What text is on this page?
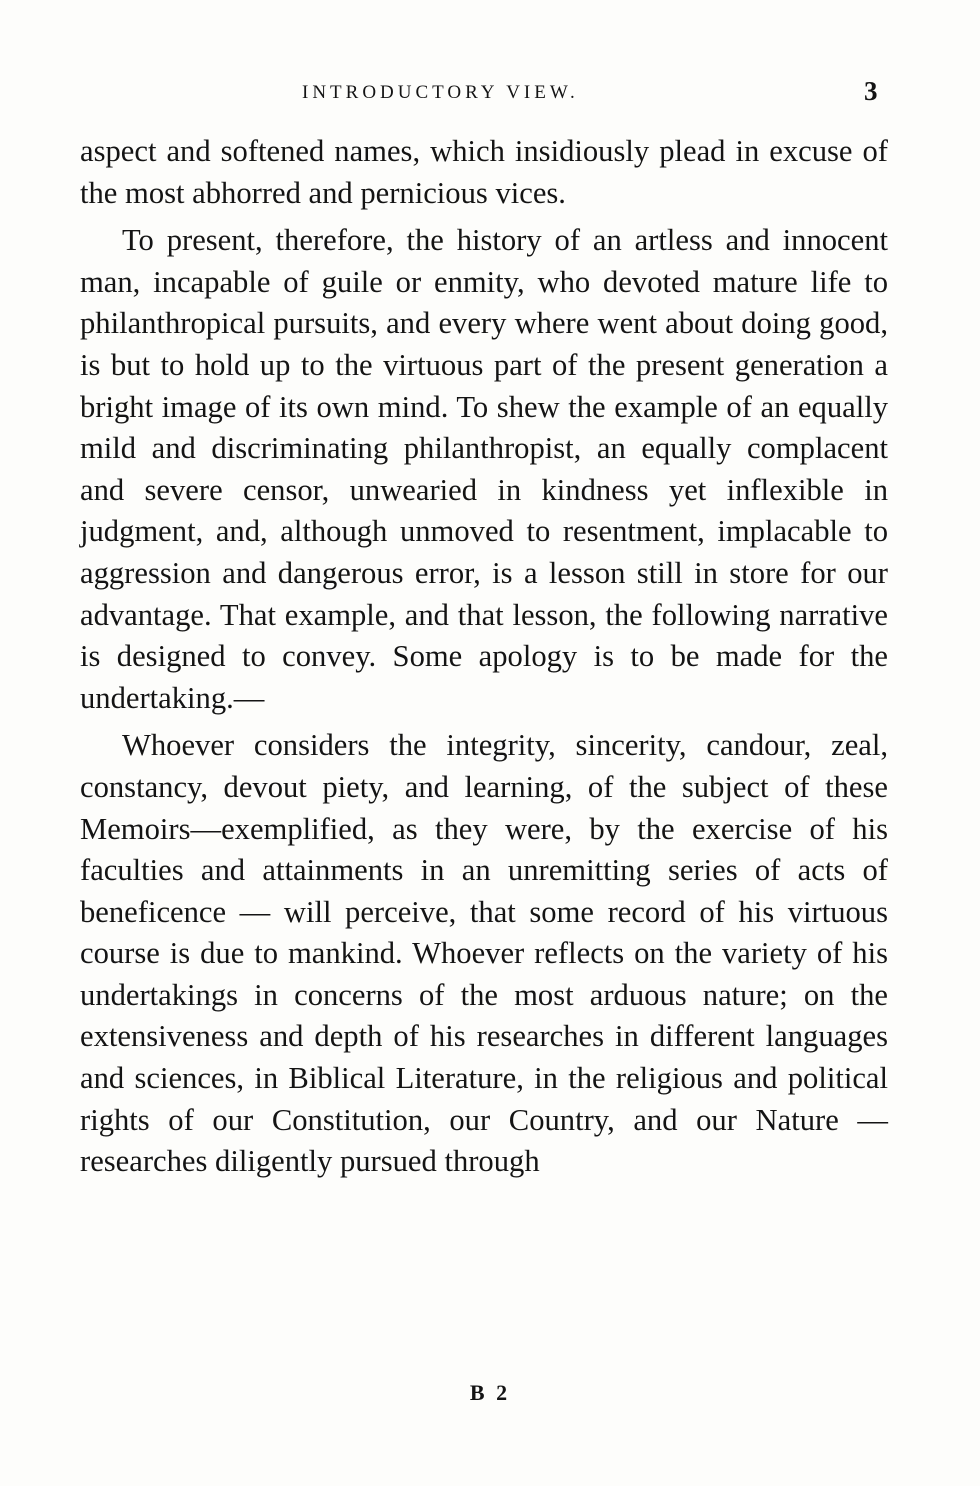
INTRODUCTORY VIEW.	3

aspect and softened names, which insidiously plead in excuse of the most abhorred and pernicious vices.

To present, therefore, the history of an artless and innocent man, incapable of guile or enmity, who devoted mature life to philanthropical pursuits, and every where went about doing good, is but to hold up to the virtuous part of the present generation a bright image of its own mind. To shew the example of an equally mild and discriminating philanthropist, an equally complacent and severe censor, unwearied in kindness yet inflexible in judgment, and, although unmoved to resentment, implacable to aggression and dangerous error, is a lesson still in store for our advantage. That example, and that lesson, the following narrative is designed to convey. Some apology is to be made for the undertaking.—

Whoever considers the integrity, sincerity, candour, zeal, constancy, devout piety, and learning, of the subject of these Memoirs—exemplified, as they were, by the exercise of his faculties and attainments in an unremitting series of acts of beneficence — will perceive, that some record of his virtuous course is due to mankind. Whoever reflects on the variety of his undertakings in concerns of the most arduous nature; on the extensiveness and depth of his researches in different languages and sciences, in Biblical Literature, in the religious and political rights of our Constitution, our Country, and our Nature — researches diligently pursued through

B 2
